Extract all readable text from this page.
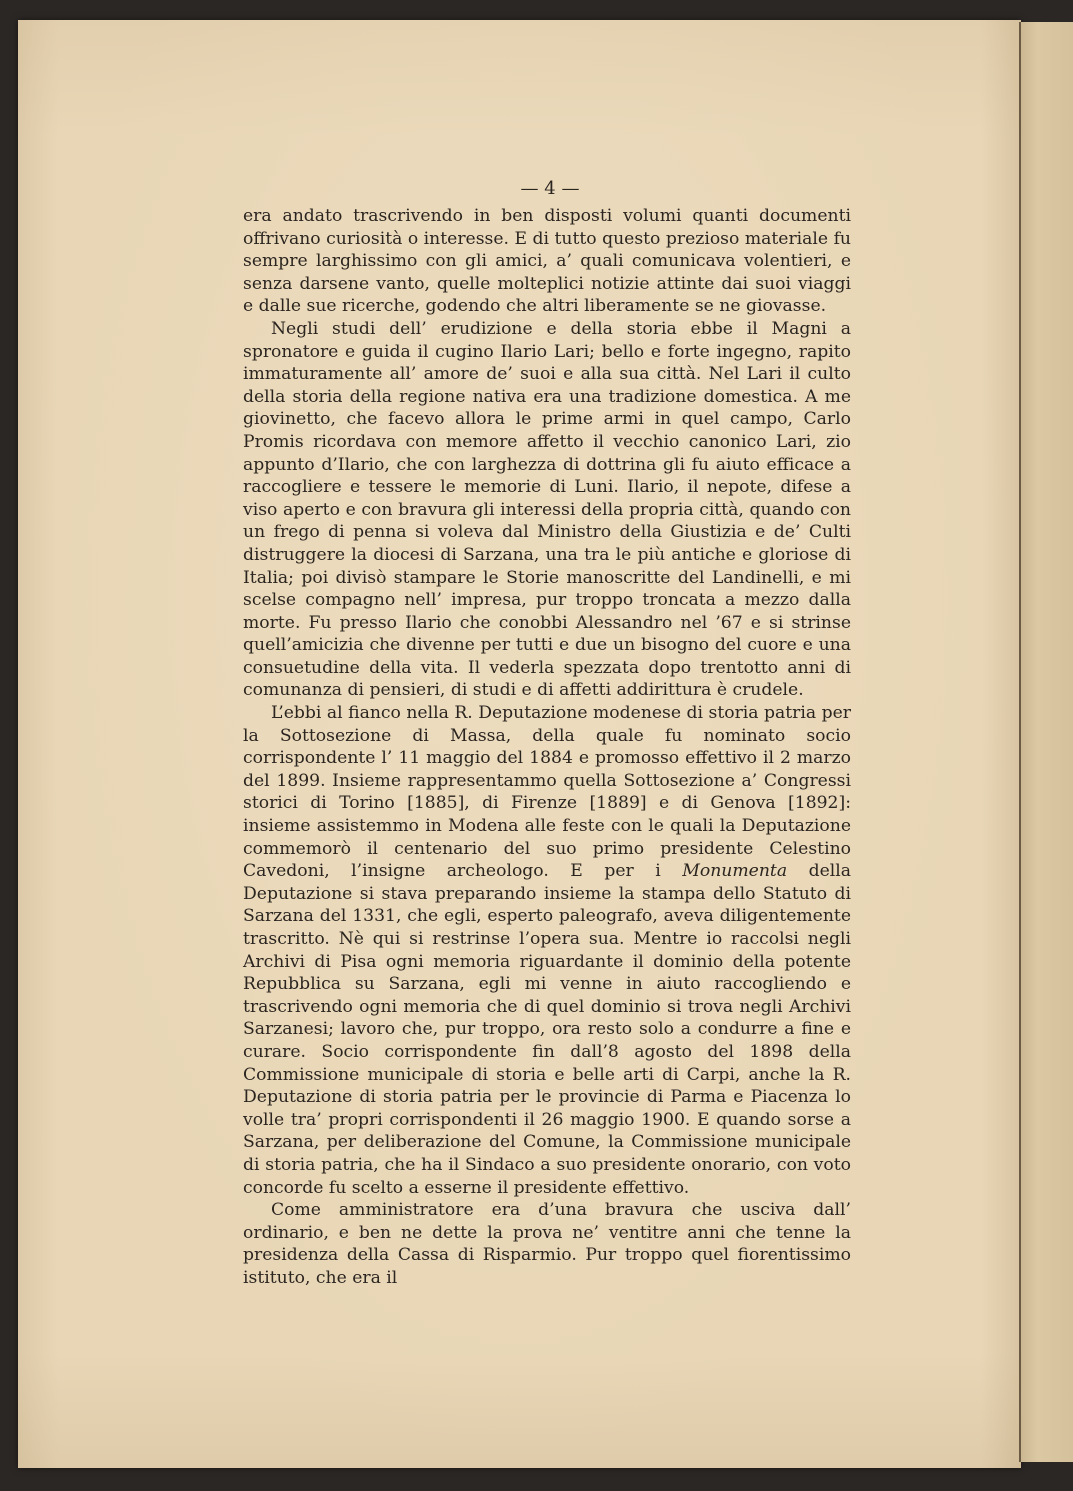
— 4 —

era andato trascrivendo in ben disposti volumi quanti documenti offrivano curiosità o interesse. E di tutto questo prezioso materiale fu sempre larghissimo con gli amici, a’ quali comunicava volentieri, e senza darsene vanto, quelle molteplici notizie attinte dai suoi viaggi e dalle sue ricerche, godendo che altri liberamente se ne giovasse.

Negli studi dell’ erudizione e della storia ebbe il Magni a spronatore e guida il cugino Ilario Lari; bello e forte ingegno, rapito immaturamente all’ amore de’ suoi e alla sua città. Nel Lari il culto della storia della regione nativa era una tradizione domestica. A me giovinetto, che facevo allora le prime armi in quel campo, Carlo Promis ricordava con memore affetto il vecchio canonico Lari, zio appunto d’Ilario, che con larghezza di dottrina gli fu aiuto efficace a raccogliere e tessere le memorie di Luni. Ilario, il nepote, difese a viso aperto e con bravura gli interessi della propria città, quando con un frego di penna si voleva dal Ministro della Giustizia e de’ Culti distruggere la diocesi di Sarzana, una tra le più antiche e gloriose di Italia; poi divisò stampare le Storie manoscritte del Landinelli, e mi scelse compagno nell’ impresa, pur troppo troncata a mezzo dalla morte. Fu presso Ilario che conobbi Alessandro nel ’67 e si strinse quell’amicizia che divenne per tutti e due un bisogno del cuore e una consuetudine della vita. Il vederla spezzata dopo trentotto anni di comunanza di pensieri, di studi e di affetti addirittura è crudele.

L’ebbi al fianco nella R. Deputazione modenese di storia patria per la Sottosezione di Massa, della quale fu nominato socio corrispondente l’ 11 maggio del 1884 e promosso effettivo il 2 marzo del 1899. Insieme rappresentammo quella Sottosezione a’ Congressi storici di Torino [1885], di Firenze [1889] e di Genova [1892]: insieme assistemmo in Modena alle feste con le quali la Deputazione commemorò il centenario del suo primo presidente Celestino Cavedoni, l’insigne archeologo. E per i Monumenta della Deputazione si stava preparando insieme la stampa dello Statuto di Sarzana del 1331, che egli, esperto paleografo, aveva diligentemente trascritto. Nè qui si restrinse l’opera sua. Mentre io raccolsi negli Archivi di Pisa ogni memoria riguardante il dominio della potente Repubblica su Sarzana, egli mi venne in aiuto raccogliendo e trascrivendo ogni memoria che di quel dominio si trova negli Archivi Sarzanesi; lavoro che, pur troppo, ora resto solo a condurre a fine e curare. Socio corrispondente fin dall’8 agosto del 1898 della Commissione municipale di storia e belle arti di Carpi, anche la R. Deputazione di storia patria per le provincie di Parma e Piacenza lo volle tra’ propri corrispondenti il 26 maggio 1900. E quando sorse a Sarzana, per deliberazione del Comune, la Commissione municipale di storia patria, che ha il Sindaco a suo presidente onorario, con voto concorde fu scelto a esserne il presidente effettivo.

Come amministratore era d’una bravura che usciva dall’ ordinario, e ben ne dette la prova ne’ ventitre anni che tenne la presidenza della Cassa di Risparmio. Pur troppo quel fiorentissimo istituto, che era il
